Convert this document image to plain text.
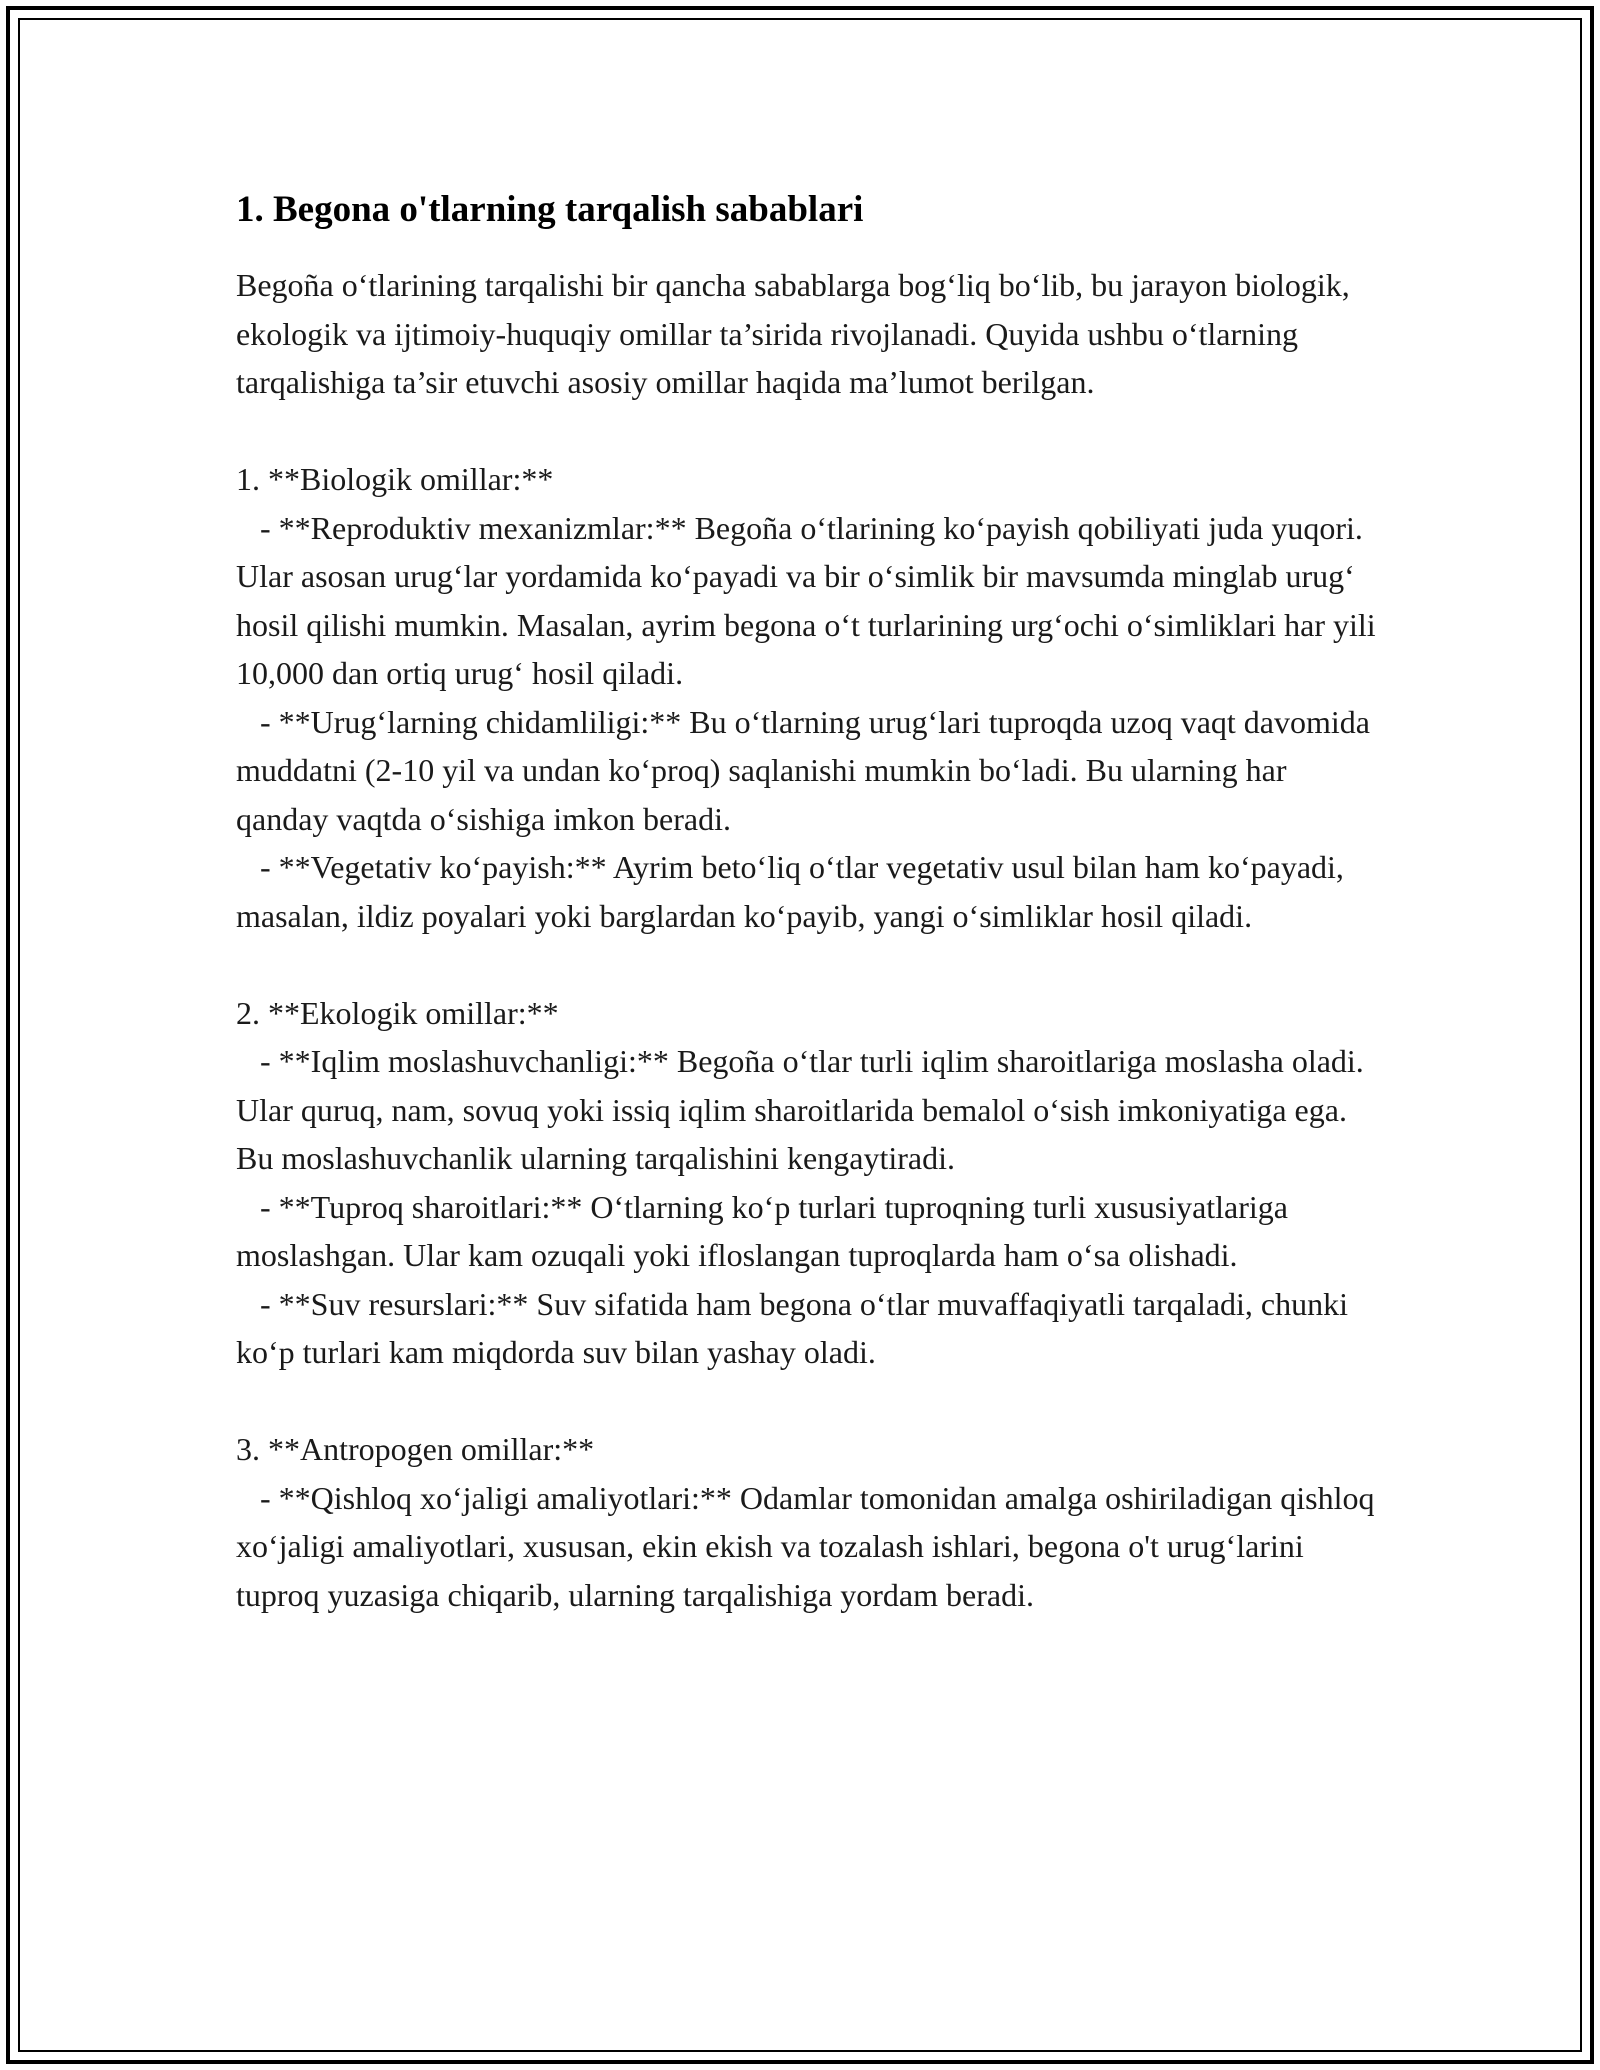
1. Begona o'tlarning tarqalish sabablari

Begoña o‘tlarining tarqalishi bir qancha sabablarga bog‘liq bo‘lib, bu jarayon biologik, ekologik va ijtimoiy-huquqiy omillar ta’sirida rivojlanadi. Quyida ushbu o‘tlarning tarqalishiga ta’sir etuvchi asosiy omillar haqida ma’lumot berilgan.

1. **Biologik omillar:**
- **Reproduktiv mexanizmlar:** Begoña o‘tlarining ko‘payish qobiliyati juda yuqori. Ular asosan urug‘lar yordamida ko‘payadi va bir o‘simlik bir mavsumda minglab urug‘ hosil qilishi mumkin. Masalan, ayrim begona o‘t turlarining urg‘ochi o‘simliklari har yili 10,000 dan ortiq urug‘ hosil qiladi.
- **Urug‘larning chidamliligi:** Bu o‘tlarning urug‘lari tuproqda uzoq vaqt davomida muddatni (2-10 yil va undan ko‘proq) saqlanishi mumkin bo‘ladi. Bu ularning har qanday vaqtda o‘sishiga imkon beradi.
- **Vegetativ ko‘payish:** Ayrim beto‘liq o‘tlar vegetativ usul bilan ham ko‘payadi, masalan, ildiz poyalari yoki barglardan ko‘payib, yangi o‘simliklar hosil qiladi.
2. **Ekologik omillar:**
- **Iqlim moslashuvchanligi:** Begoña o‘tlar turli iqlim sharoitlariga moslasha oladi. Ular quruq, nam, sovuq yoki issiq iqlim sharoitlarida bemalol o‘sish imkoniyatiga ega. Bu moslashuvchanlik ularning tarqalishini kengaytiradi.
- **Tuproq sharoitlari:** O‘tlarning ko‘p turlari tuproqning turli xususiyatlariga moslashgan. Ular kam ozuqali yoki ifloslangan tuproqlarda ham o‘sa olishadi.
- **Suv resurslari:** Suv sifatida ham begona o‘tlar muvaffaqiyatli tarqaladi, chunki ko‘p turlari kam miqdorda suv bilan yashay oladi.
3. **Antropogen omillar:**
- **Qishloq xo‘jaligi amaliyotlari:** Odamlar tomonidan amalga oshiriladigan qishloq xo‘jaligi amaliyotlari, xususan, ekin ekish va tozalash ishlari, begona o't urug‘larini tuproq yuzasiga chiqarib, ularning tarqalishiga yordam beradi.
